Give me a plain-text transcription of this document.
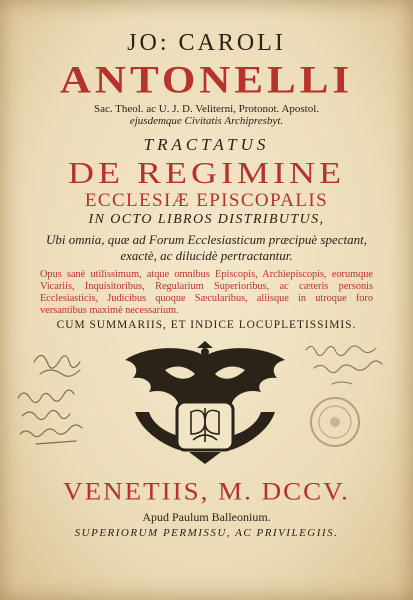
JO: CAROLI
ANTONELLI
Sac. Theol. ac U. J. D. Veliterni, Protonot. Apostol.
ejusdemque Civitatis Archipresbyt.
TRACTATUS
DE REGIMINE
ECCLESIÆ EPISCOPALIS
IN OCTO LIBROS DISTRIBUTUS,
Ubi omnia, quæ ad Forum Ecclesiasticum præcipuè spectant,
exactè, ac dilucidè pertractantur.
Opus sanè utilissimum, atque omnibus Episcopis, Archiepiscopis, eorumque Vicariis, Inquisitoribus, Regularium Superioribus, ac cæteris personis Ecclesiasticis, Judicibus quoque Sæcularibus, aliisque in utroque foro versantibus maximè necessarium.
CUM SUMMARIIS, ET INDICE LOCUPLETISSIMIS.
VENETIIS, M. DCCV.
Apud Paulum Balleonium.
SUPERIORUM PERMISSU, AC PRIVILEGIIS.
